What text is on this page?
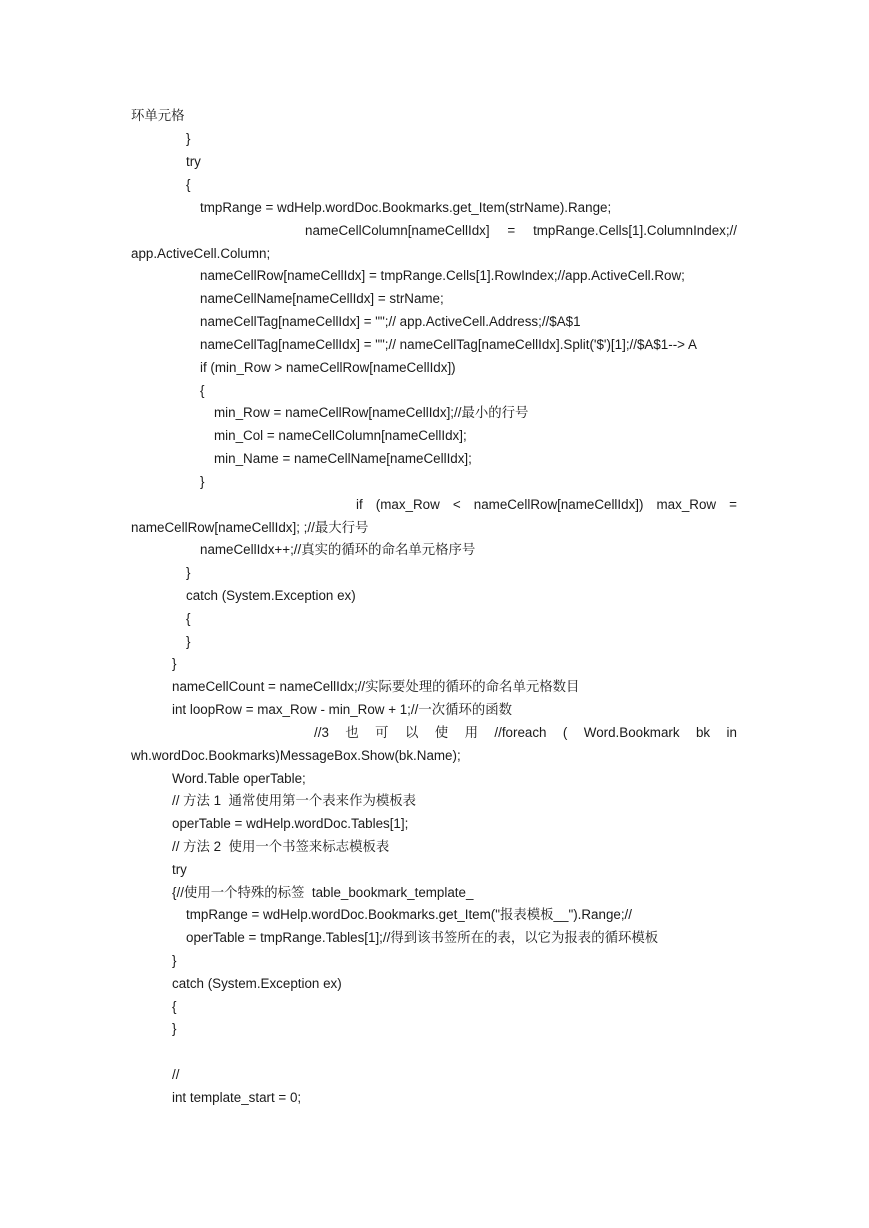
环单元格
}
try
{
tmpRange = wdHelp.wordDoc.Bookmarks.get_Item(strName).Range;
nameCellColumn[nameCellIdx] = tmpRange.Cells[1].ColumnIndex;//
app.ActiveCell.Column;
nameCellRow[nameCellIdx] = tmpRange.Cells[1].RowIndex;//app.ActiveCell.Row;
nameCellName[nameCellIdx] = strName;
nameCellTag[nameCellIdx] = "";// app.ActiveCell.Address;//$A$1
nameCellTag[nameCellIdx] = "";// nameCellTag[nameCellIdx].Split('$')[1];//$A$1--> A
if (min_Row > nameCellRow[nameCellIdx])
{
min_Row = nameCellRow[nameCellIdx];//最小的行号
min_Col = nameCellColumn[nameCellIdx];
min_Name = nameCellName[nameCellIdx];
}
if (max_Row < nameCellRow[nameCellIdx]) max_Row =
nameCellRow[nameCellIdx]; ;//最大行号
nameCellIdx++;//真实的循环的命名单元格序号
}
catch (System.Exception ex)
{
}
}
nameCellCount = nameCellIdx;//实际要处理的循环的命名单元格数目
int loopRow = max_Row - min_Row + 1;//一次循环的函数
//3 也 可 以 使 用 //foreach ( Word.Bookmark bk in
wh.wordDoc.Bookmarks)MessageBox.Show(bk.Name);
Word.Table operTable;
// 方法 1  通常使用第一个表来作为模板表
operTable = wdHelp.wordDoc.Tables[1];
// 方法 2  使用一个书签来标志模板表
try
{//使用一个特殊的标签  table_bookmark_template_
tmpRange = wdHelp.wordDoc.Bookmarks.get_Item("报表模板__").Range;//
operTable = tmpRange.Tables[1];//得到该书签所在的表，以它为报表的循环模板
}
catch (System.Exception ex)
{
}
//
int template_start = 0;
